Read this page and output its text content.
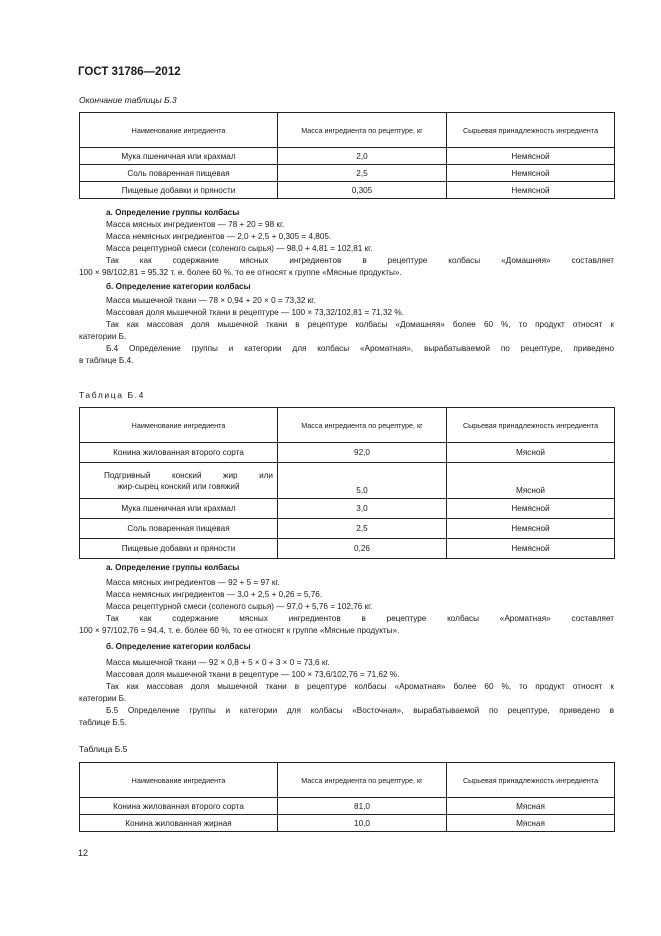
ГОСТ 31786—2012
Окончание таблицы Б.3
Наименование ингредиента	Масса ингредиента по рецептуре, кг	Сырьевая принадлежность ингредиента
Мука пшеничная или крахмал	2,0	Немясной
Соль поваренная пищевая	2,5	Немясной
Пищевые добавки и пряности	0,305	Немясной
а. Определение группы колбасы
Масса мясных ингредиентов — 78 + 20 = 98 кг.
Масса немясных ингредиентов — 2,0 + 2,5 + 0,305 = 4,805.
Масса рецептурной смеси (соленого сырья) — 98,0 + 4,81 = 102,81 кг.
Так как содержание мясных ингредиентов в рецептуре колбасы «Домашняя» составляет
100 × 98/102,81 = 95,32 т. е. более 60 %, то ее относят к группе «Мясные продукты».
б. Определение категории колбасы
Масса мышечной ткани — 78 × 0,94 + 20 × 0 = 73,32 кг.
Массовая доля мышечной ткани в рецептуре — 100 × 73,32/102,81 = 71,32 %.
Так как массовая доля мышечной ткани в рецептуре колбасы «Домашняя» более 60 %, то продукт относят к
категории Б.
Б.4 Определение группы и категории для колбасы «Ароматная», вырабатываемой по рецептуре, приведено
в таблице Б.4.
Таблица Б.4
Наименование ингредиента	Масса ингредиента по рецептуре, кг	Сырьевая принадлежность ингредиента
Конина жилованная второго сорта	92,0	Мясной

Подгривный конский жир или
жир-сырец конский или говяжий	5,0	Мясной
Мука пшеничная или крахмал	3,0	Немясной
Соль поваренная пищевая	2,5	Немясной
Пищевые добавки и пряности	0,26	Немясной
а. Определение группы колбасы
Масса мясных ингредиентов — 92 + 5 = 97 кг.
Масса немясных ингредиентов — 3,0 + 2,5 + 0,26 = 5,76.
Масса рецептурной смеси (соленого сырья) — 97,0 + 5,76 = 102,76 кг.
Так как содержание мясных ингредиентов в рецептуре колбасы «Ароматная» составляет
100 × 97/102,76 = 94,4, т. е. более 60 %, то ее относят к группе «Мясные продукты».
б. Определение категории колбасы
Масса мышечной ткани — 92 × 0,8 + 5 × 0 + 3 × 0 = 73,6 кг.
Массовая доля мышечной ткани в рецептуре — 100 × 73,6/102,76 = 71,62 %.
Так как массовая доля мышечной ткани в рецептуре колбасы «Ароматная» более 60 %, то продукт относят к
категории Б.
Б.5 Определение группы и категории для колбасы «Восточная», вырабатываемой по рецептуре, приведено в
таблице Б.5.
Таблица Б.5
Наименование ингредиента	Масса ингредиента по рецептуре, кг	Сырьевая принадлежность ингредиента
Конина жилованная второго сорта	81,0	Мясная
Конина жилованная жирная	10,0	Мясная
12
